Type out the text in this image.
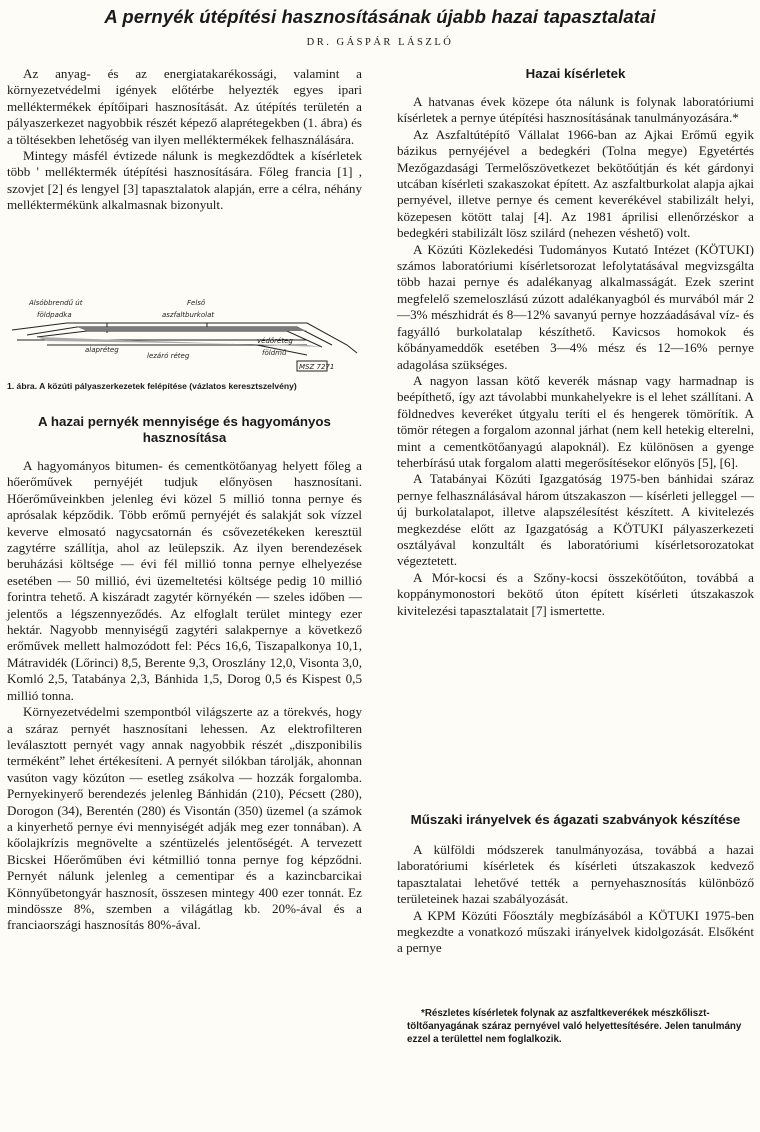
A pernyék útépítési hasznosításának újabb hazai tapasztalatai
DR. GÁSPÁR LÁSZLÓ

Az anyag- és az energiatakarékossági, valamint a környezetvédelmi igények előtérbe helyezték egyes ipari melléktermékek építőipari hasznosítását. Az útépítés területén a pályaszerkezet nagyobbik részét képező alaprétegekben (1. ábra) és a töltésekben lehetőség van ilyen melléktermékek felhasználására.

Mintegy másfél évtizede nálunk is megkezdődtek a kísérletek több ' melléktermék útépítési hasznosítására. Főleg francia [1] , szovjet [2] és lengyel [3] tapasztalatok alapján, erre a célra, néhány melléktermékünk alkalmasnak bizonyult.

Alsóbbrendű út	Felső
földpadka	aszfaltburkolat
védőréteg
alapréteg
lezáró réteg	földmű
MSZ 7271
1. ábra. A közúti pályaszerkezetek felépítése (vázlatos keresztszelvény)
A hazai pernyék mennyisége és hagyományos hasznosítása

A hagyományos bitumen- és cementkötőanyag helyett főleg a hőerőművek pernyéjét tudjuk előnyösen hasznosítani. Hőerőműveinkben jelenleg évi közel 5 millió tonna pernye és aprósalak képződik. Több erőmű pernyéjét és salakját sok vízzel keverve elmosató nagycsatornán és csővezetékeken keresztül zagytérre szállítja, ahol az leülepszik. Az ilyen berendezések beruházási költsége — évi fél millió tonna pernye elhelyezése esetében — 50 millió, évi üzemeltetési költsége pedig 10 millió forintra tehető. A kiszáradt zagytér környékén — szeles időben — jelentős a légszennyeződés. Az elfoglalt terület mintegy ezer hektár. Nagyobb mennyiségű zagytéri salakpernye a következő erőművek mellett halmozódott fel: Pécs 16,6, Tiszapalkonya 10,1, Mátravidék (Lőrinci) 8,5, Berente 9,3, Oroszlány 12,0, Visonta 3,0, Komló 2,5, Tatabánya 2,3, Bánhida 1,5, Dorog 0,5 és Kispest 0,5 millió tonna.

Környezetvédelmi szempontból világszerte az a törekvés, hogy a száraz pernyét hasznosítani lehessen. Az elektrofilteren leválasztott pernyét vagy annak nagyobbik részét „diszponibilis terméként” lehet értékesíteni. A pernyét silókban tárolják, ahonnan vasúton vagy közúton — esetleg zsákolva — hozzák forgalomba. Pernyekinyerő berendezés jelenleg Bánhidán (210), Pécsett (280), Dorogon (34), Berentén (280) és Visontán (350) üzemel (a számok a kinyerhető pernye évi mennyiségét adják meg ezer tonnában). A kőolajkrízis megnövelte a széntüzelés jelentőségét. A tervezett Bicskei Hőerőműben évi kétmillió tonna pernye fog képződni. Pernyét nálunk jelenleg a cementipar és a kazincbarcikai Könnyűbetongyár hasznosít, összesen mintegy 400 ezer tonnát. Ez mindössze 8%, szemben a világátlag kb. 20%-ával és a franciaországi hasznosítás 80%-ával.

Hazai kísérletek

A hatvanas évek közepe óta nálunk is folynak laboratóriumi kísérletek a pernye útépítési hasznosításának tanulmányozására.*

Az Aszfaltútépítő Vállalat 1966-ban az Ajkai Erőmű egyik bázikus pernyéjével a bedegkéri (Tolna megye) Egyetértés Mezőgazdasági Termelőszövetkezet bekötőútján és két gárdonyi utcában kísérleti szakaszokat épített. Az aszfaltburkolat alapja ajkai pernyével, illetve pernye és cement keverékével stabilizált helyi, közepesen kötött talaj [4]. Az 1981 áprilisi ellenőrzéskor a bedegkéri stabilizált lösz szilárd (nehezen véshető) volt.

A Közúti Közlekedési Tudományos Kutató Intézet (KÖTUKI) számos laboratóriumi kísérletsorozat lefolytatásával megvizsgálta több hazai pernye és adalékanyag alkalmasságát. Ezek szerint megfelelő szemeloszlású zúzott adalékanyagból és murvából már 2—3% mészhidrát és 8—12% savanyú pernye hozzáadásával víz- és fagyálló burkolatalap készíthető. Kavicsos homokok és kőbányameddők esetében 3—4% mész és 12—16% pernye adagolása szükséges.

A nagyon lassan kötő keverék másnap vagy harmadnap is beépíthető, így azt távolabbi munkahelyekre is el lehet szállítani. A földnedves keveréket útgyalu teríti el és hengerek tömörítik. A tömör rétegen a forgalom azonnal járhat (nem kell hetekig elterelni, mint a cementkötőanyagú alapoknál). Ez különösen a gyenge teherbírású utak forgalom alatti megerősítésekor előnyös [5], [6].

A Tatabányai Közúti Igazgatóság 1975-ben bánhidai száraz pernye felhasználásával három útszakaszon — kísérleti jelleggel — új burkolatalapot, illetve alapszélesítést készített. A kivitelezés megkezdése előtt az Igazgatóság a KÖTUKI pályaszerkezeti osztályával konzultált és laboratóriumi kísérletsorozatokat végeztetett.

A Mór-kocsi és a Szőny-kocsi összekötőúton, továbbá a koppánymonostori bekötő úton épített kísérleti útszakaszok kivitelezési tapasztalatait [7] ismertette.

Műszaki irányelvek és ágazati szabványok készítése

A külföldi módszerek tanulmányozása, továbbá a hazai laboratóriumi kísérletek és kísérleti útszakaszok kedvező tapasztalatai lehetővé tették a pernyehasznosítás különböző területeinek hazai szabályozását.

A KPM Közúti Főosztály megbízásából a KÖTUKI 1975-ben megkezdte a vonatkozó műszaki irányelvek kidolgozását. Elsőként a pernye

*Részletes kísérletek folynak az aszfaltkeverékek mészkőliszt-töltőanyagának száraz pernyével való helyettesítésére. Jelen tanulmány ezzel a területtel nem foglalkozik.
